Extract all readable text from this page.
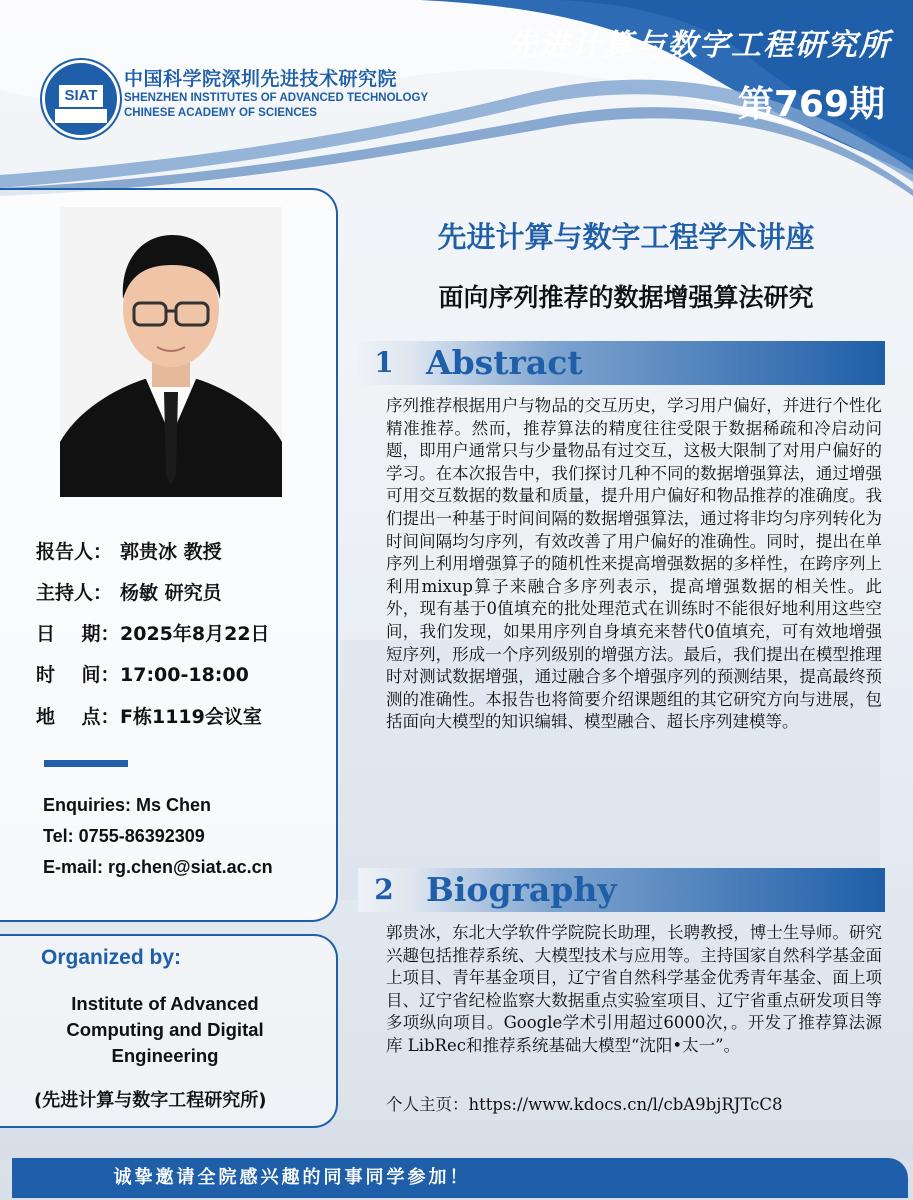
先进计算与数字工程研究所
第769期
SIAT
中国科学院深圳先进技术研究院
SHENZHEN INSTITUTES OF ADVANCED TECHNOLOGY
CHINESE ACADEMY OF SCIENCES
报告人： 郭贵冰 教授
主持人： 杨敏 研究员
日    期：2025年8月22日
时    间：17:00-18:00
地    点：F栋1119会议室
Enquiries: Ms Chen
Tel: 0755-86392309
E-mail: rg.chen@siat.ac.cn
Organized by:
Institute of Advanced
Computing and Digital
Engineering
(先进计算与数字工程研究所)
先进计算与数字工程学术讲座
面向序列推荐的数据增强算法研究
1 Abstract
序列推荐根据用户与物品的交互历史，学习用户偏好，并进行个性化精准推荐。然而，推荐算法的精度往往受限于数据稀疏和冷启动问题，即用户通常只与少量物品有过交互，这极大限制了对用户偏好的学习。在本次报告中，我们探讨几种不同的数据增强算法，通过增强可用交互数据的数量和质量，提升用户偏好和物品推荐的准确度。我们提出一种基于时间间隔的数据增强算法，通过将非均匀序列转化为时间间隔均匀序列，有效改善了用户偏好的准确性。同时，提出在单序列上利用增强算子的随机性来提高增强数据的多样性，在跨序列上利用mixup算子来融合多序列表示，提高增强数据的相关性。此外，现有基于0值填充的批处理范式在训练时不能很好地利用这些空间，我们发现，如果用序列自身填充来替代0值填充，可有效地增强短序列，形成一个序列级别的增强方法。最后，我们提出在模型推理时对测试数据增强，通过融合多个增强序列的预测结果，提高最终预测的准确性。本报告也将简要介绍课题组的其它研究方向与进展，包括面向大模型的知识编辑、模型融合、超长序列建模等。
2 Biography
郭贵冰，东北大学软件学院院长助理，长聘教授，博士生导师。研究兴趣包括推荐系统、大模型技术与应用等。主持国家自然科学基金面上项目、青年基金项目，辽宁省自然科学基金优秀青年基金、面上项目、辽宁省纪检监察大数据重点实验室项目、辽宁省重点研发项目等多项纵向项目。Google学术引用超过6000次，。开发了推荐算法源库 LibRec和推荐系统基础大模型“沈阳•太一”。
个人主页：https://www.kdocs.cn/l/cbA9bjRJTcC8
诚挚邀请全院感兴趣的同事同学参加！
